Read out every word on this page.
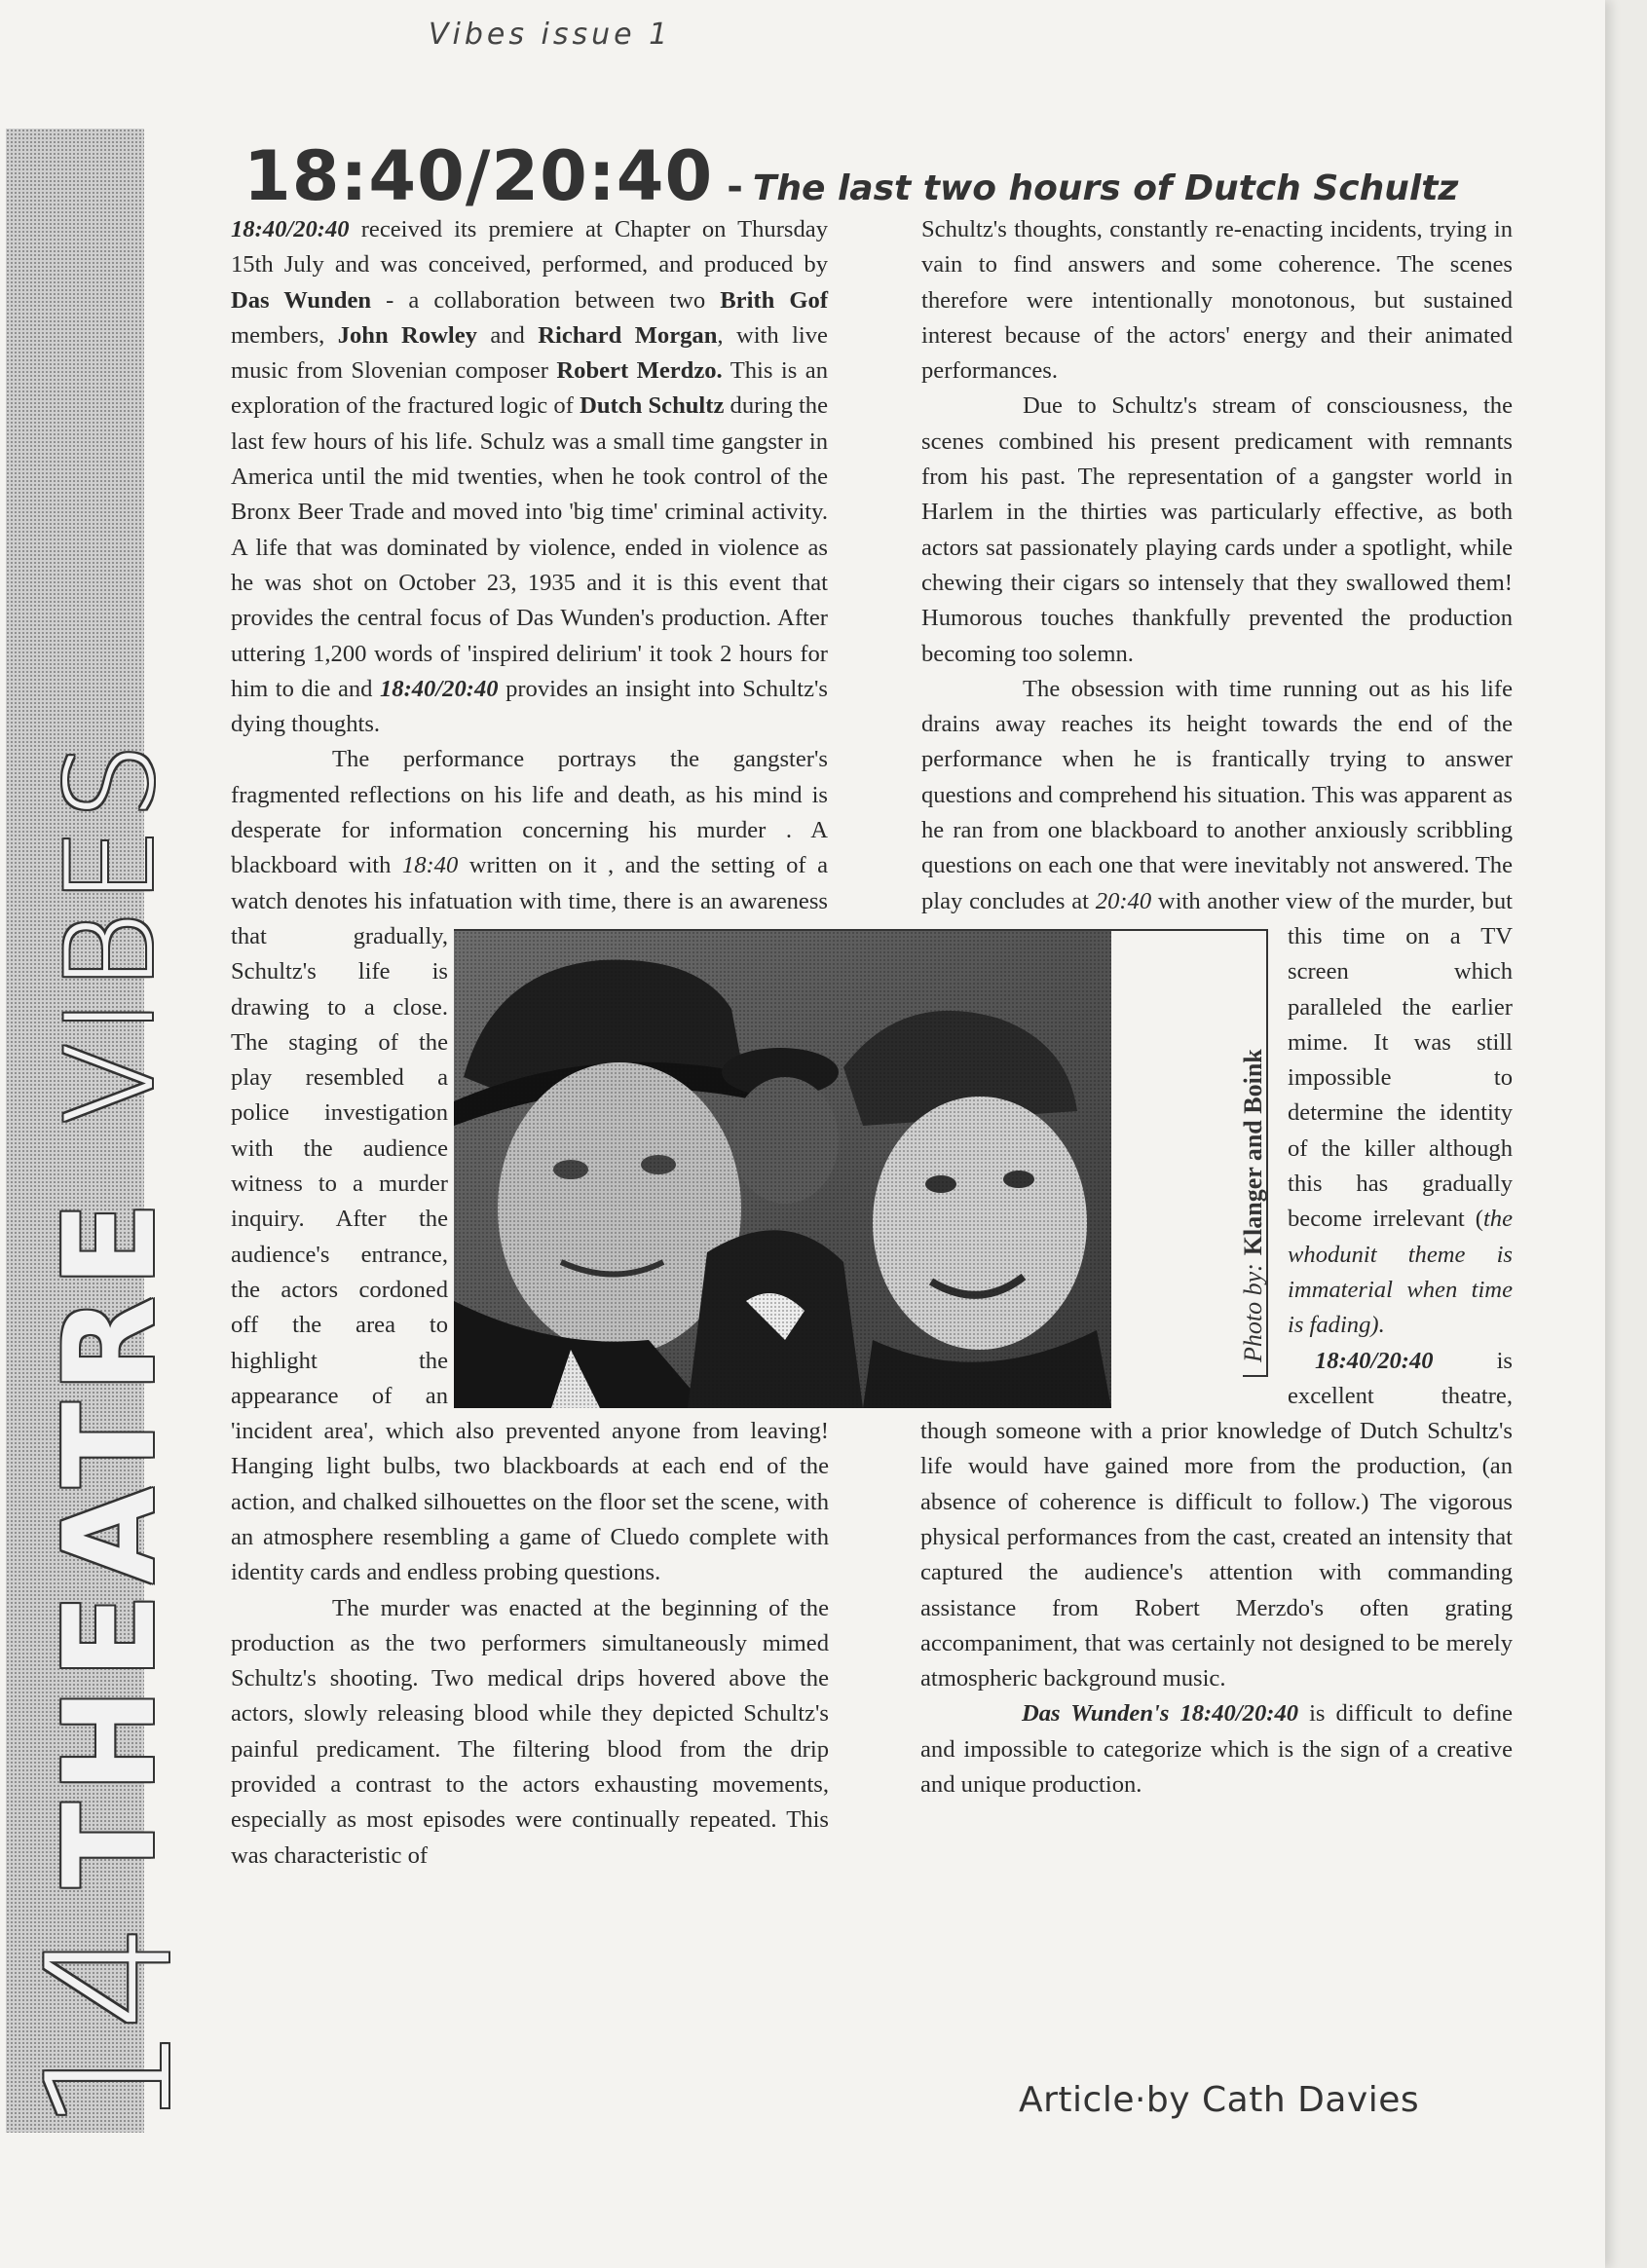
Vibes issue 1
14 THEATRE VIBES
18:40/20:40 - The last two hours of Dutch Schultz

18:40/20:40 received its premiere at Chapter on Thursday 15th July and was conceived, performed, and produced by Das Wunden - a collaboration between two Brith Gof members, John Rowley and Richard Morgan, with live music from Slovenian composer Robert Merdzo. This is an exploration of the fractured logic of Dutch Schultz during the last few hours of his life. Schulz was a small time gangster in America until the mid twenties, when he took control of the Bronx Beer Trade and moved into 'big time' criminal activity. A life that was dominated by violence, ended in violence as he was shot on October 23, 1935 and it is this event that provides the central focus of Das Wunden's production. After uttering 1,200 words of 'inspired delirium' it took 2 hours for him to die and 18:40/20:40 provides an insight into Schultz's dying thoughts.

The performance portrays the gangster's fragmented reflections on his life and death, as his mind is desperate for information concerning his murder . A blackboard with 18:40 written on it , and the setting of a watch denotes his infatuation with time, there is an awareness that gradually, Schultz's life is drawing to a close. The staging of the play resembled a police investigation with the audience witness to a murder inquiry. After the audience's entrance, the actors cordoned off the area to highlight the appearance of an 'incident area', which also prevented anyone from leaving! Hanging light bulbs, two blackboards at each end of the action, and chalked silhouettes on the floor set the scene, with an atmosphere resembling a game of Cluedo complete with identity cards and endless probing questions.

The murder was enacted at the beginning of the production as the two performers simultaneously mimed Schultz's shooting. Two medical drips hovered above the actors, slowly releasing blood while they depicted Schultz's painful predicament. The filtering blood from the drip provided a contrast to the actors exhausting movements, especially as most episodes were continually repeated. This was characteristic of

Photo by:Klanger and Boink

Schultz's thoughts, constantly re-enacting incidents, trying in vain to find answers and some coherence. The scenes therefore were intentionally monotonous, but sustained interest because of the actors' energy and their animated performances.

Due to Schultz's stream of consciousness, the scenes combined his present predicament with remnants from his past. The representation of a gangster world in Harlem in the thirties was particularly effective, as both actors sat passionately playing cards under a spotlight, while chewing their cigars so intensely that they swallowed them! Humorous touches thankfully prevented the production becoming too solemn.

The obsession with time running out as his life drains away reaches its height towards the end of the performance when he is frantically trying to answer questions and comprehend his situation. This was apparent as he ran from one blackboard to another anxiously scribbling questions on each one that were inevitably not answered. The play concludes at 20:40 with another view of the murder, but this time on a TV screen which paralleled the earlier mime. It was still impossible to determine the identity of the killer although this has gradually become irrelevant (the whodunit theme is immaterial when time is fading).

18:40/20:40 is excellent theatre, though someone with a prior knowledge of Dutch Schultz's life would have gained more from the production, (an absence of coherence is difficult to follow.) The vigorous physical performances from the cast, created an intensity that captured the audience's attention with commanding assistance from Robert Merzdo's often grating accompaniment, that was certainly not designed to be merely atmospheric background music.

Das Wunden's 18:40/20:40 is difficult to define and impossible to categorize which is the sign of a creative and unique production.

Article·by Cath Davies
